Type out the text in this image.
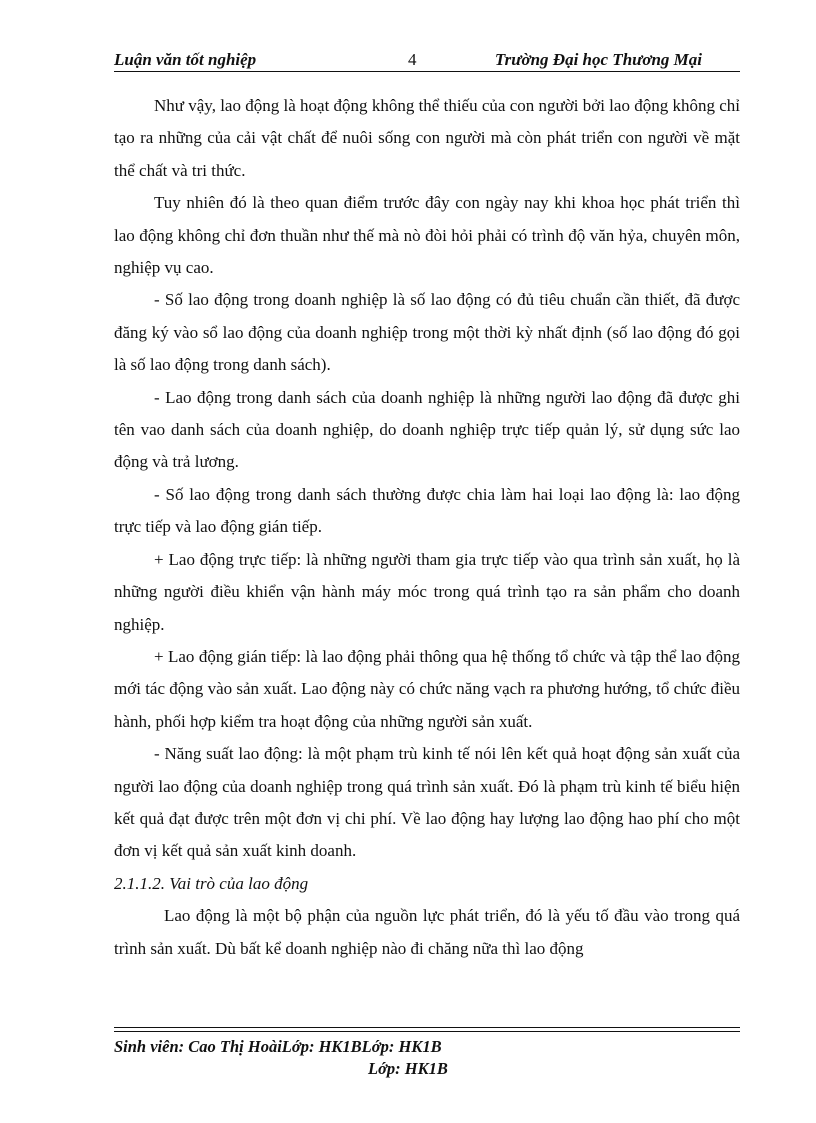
Luận văn tốt nghiệp	4	Trường Đại học Thương Mại

Như vậy, lao động là hoạt động không thể thiếu của con người bởi lao động không chỉ tạo ra những của cải vật chất để nuôi sống con người mà còn phát triển con người về mặt thể chất và tri thức.

Tuy nhiên đó là theo quan điểm trước đây con ngày nay khi khoa học phát triển thì lao động không chỉ đơn thuần như thế mà nò đòi hỏi phải có trình độ văn hỷa, chuyên môn, nghiệp vụ cao.

- Số lao động trong doanh nghiệp là số lao động có đủ tiêu chuẩn cần thiết, đã được đăng ký vào sổ lao động của doanh nghiệp trong một thời kỳ nhất định (số lao động đó gọi là số lao động trong danh sách).

- Lao động trong danh sách của doanh nghiệp là những người lao động đã được ghi tên vao danh sách của doanh nghiệp, do doanh nghiệp trực tiếp quản lý, sử dụng sức lao động và trả lương.

- Số lao động trong danh sách thường được chia làm hai loại lao động là: lao động trực tiếp và lao động gián tiếp.

+ Lao động trực tiếp: là những người tham gia trực tiếp vào qua trình sản xuất, họ là những người điều khiển vận hành máy móc trong quá trình tạo ra sản phẩm cho doanh nghiệp.

+ Lao động gián tiếp: là lao động phải thông qua hệ thống tổ chức và tập thể lao động mới tác động vào sản xuất. Lao động này có chức năng vạch ra phương hướng, tổ chức điều hành, phối hợp kiểm tra hoạt động của những người sản xuất.

- Năng suất lao động: là một phạm trù kinh tế nói lên kết quả hoạt động sản xuất của người lao động của doanh nghiệp trong quá trình sản xuất. Đó là phạm trù kinh tế biểu hiện kết quả đạt được trên một đơn vị chi phí. Về lao động hay lượng lao động hao phí cho một đơn vị kết quả sản xuất kinh doanh.

2.1.1.2. Vai trò của lao động

Lao động là một bộ phận của nguồn lực phát triển, đó là yếu tố đầu vào trong quá trình sản xuất. Dù bất kể doanh nghiệp nào đi chăng nữa thì lao động

Sinh viên: Cao Thị HoàiLớp: HK1BLớp: HK1B
Lớp: HK1B
